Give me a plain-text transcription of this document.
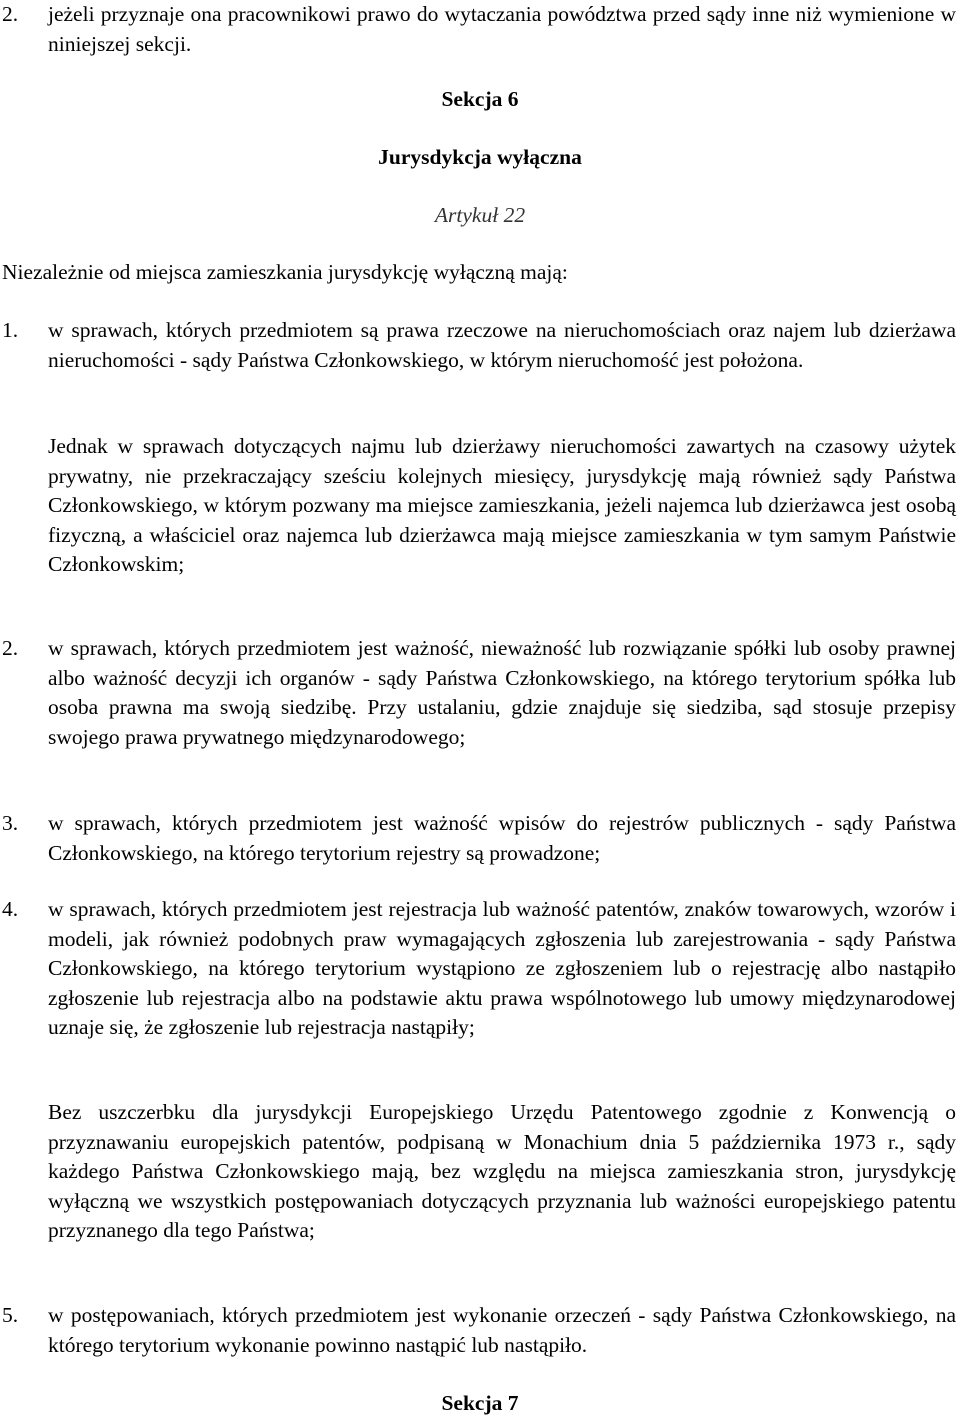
2. jeżeli przyznaje ona pracownikowi prawo do wytaczania powództwa przed sądy inne niż wymienione w niniejszej sekcji.

Sekcja 6

Jurysdykcja wyłączna

Artykuł 22

Niezależnie od miejsca zamieszkania jurysdykcję wyłączną mają:

1. w sprawach, których przedmiotem są prawa rzeczowe na nieruchomościach oraz najem lub dzierżawa nieruchomości - sądy Państwa Członkowskiego, w którym nieruchomość jest położona.

Jednak w sprawach dotyczących najmu lub dzierżawy nieruchomości zawartych na czasowy użytek prywatny, nie przekraczający sześciu kolejnych miesięcy, jurysdykcję mają również sądy Państwa Członkowskiego, w którym pozwany ma miejsce zamieszkania, jeżeli najemca lub dzierżawca jest osobą fizyczną, a właściciel oraz najemca lub dzierżawca mają miejsce zamieszkania w tym samym Państwie Członkowskim;

2. w sprawach, których przedmiotem jest ważność, nieważność lub rozwiązanie spółki lub osoby prawnej albo ważność decyzji ich organów - sądy Państwa Członkowskiego, na którego terytorium spółka lub osoba prawna ma swoją siedzibę. Przy ustalaniu, gdzie znajduje się siedziba, sąd stosuje przepisy swojego prawa prywatnego międzynarodowego;

3. w sprawach, których przedmiotem jest ważność wpisów do rejestrów publicznych - sądy Państwa Członkowskiego, na którego terytorium rejestry są prowadzone;

4. w sprawach, których przedmiotem jest rejestracja lub ważność patentów, znaków towarowych, wzorów i modeli, jak również podobnych praw wymagających zgłoszenia lub zarejestrowania - sądy Państwa Członkowskiego, na którego terytorium wystąpiono ze zgłoszeniem lub o rejestrację albo nastąpiło zgłoszenie lub rejestracja albo na podstawie aktu prawa wspólnotowego lub umowy międzynarodowej uznaje się, że zgłoszenie lub rejestracja nastąpiły;

Bez uszczerbku dla jurysdykcji Europejskiego Urzędu Patentowego zgodnie z Konwencją o przyznawaniu europejskich patentów, podpisaną w Monachium dnia 5 października 1973 r., sądy każdego Państwa Członkowskiego mają, bez względu na miejsca zamieszkania stron, jurysdykcję wyłączną we wszystkich postępowaniach dotyczących przyznania lub ważności europejskiego patentu przyznanego dla tego Państwa;

5. w postępowaniach, których przedmiotem jest wykonanie orzeczeń - sądy Państwa Członkowskiego, na którego terytorium wykonanie powinno nastąpić lub nastąpiło.

Sekcja 7
